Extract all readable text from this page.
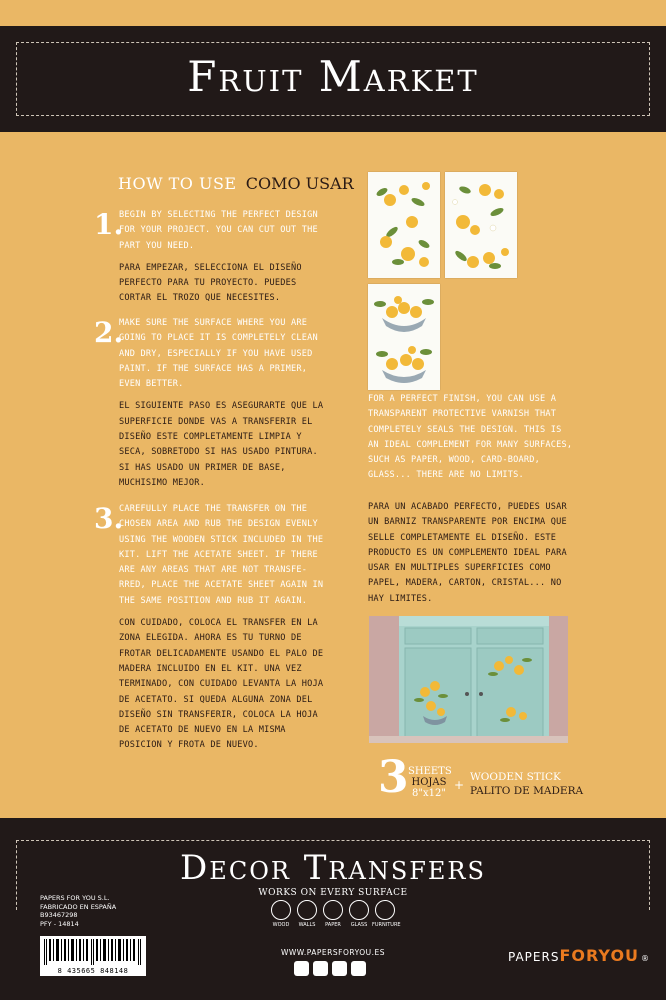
Fruit Market
HOW TO USE COMO USAR
1.
BEGIN BY SELECTING THE PERFECT DESIGN FOR YOUR PROJECT. YOU CAN CUT OUT THE PART YOU NEED.
PARA EMPEZAR, SELECCIONA EL DISEÑO PERFECTO PARA TU PROYECTO. PUEDES CORTAR EL TROZO QUE NECESITES.
2.
MAKE SURE THE SURFACE WHERE YOU ARE GOING TO PLACE IT IS COMPLETELY CLEAN AND DRY, ESPECIALLY IF YOU HAVE USED PAINT. IF THE SURFACE HAS A PRIMER, EVEN BETTER.
EL SIGUIENTE PASO ES ASEGURARTE QUE LA SUPERFICIE DONDE VAS A TRANSFERIR EL DISEÑO ESTE COMPLETAMENTE LIMPIA Y SECA, SOBRETODO SI HAS USADO PINTURA. SI HAS USADO UN PRIMER DE BASE, MUCHISIMO MEJOR.
3.
CAREFULLY PLACE THE TRANSFER ON THE CHOSEN AREA AND RUB THE DESIGN EVENLY USING THE WOODEN STICK INCLUDED IN THE KIT. LIFT THE ACETATE SHEET. IF THERE ARE ANY AREAS THAT ARE NOT TRANSFE-RRED, PLACE THE ACETATE SHEET AGAIN IN THE SAME POSITION AND RUB IT AGAIN.
CON CUIDADO, COLOCA EL TRANSFER EN LA ZONA ELEGIDA. AHORA ES TU TURNO DE FROTAR DELICADAMENTE USANDO EL PALO DE MADERA INCLUIDO EN EL KIT. UNA VEZ TERMINADO, CON CUIDADO LEVANTA LA HOJA DE ACETATO. SI QUEDA ALGUNA ZONA DEL DISEÑO SIN TRANSFERIR, COLOCA LA HOJA DE ACETATO DE NUEVO EN LA MISMA POSICION Y FROTA DE NUEVO.
FOR A PERFECT FINISH, YOU CAN USE A TRANSPARENT PROTECTIVE VARNISH THAT COMPLETELY SEALS THE DESIGN. THIS IS AN IDEAL COMPLEMENT FOR MANY SURFACES, SUCH AS PAPER, WOOD, CARD-BOARD, GLASS... THERE ARE NO LIMITS.
PARA UN ACABADO PERFECTO, PUEDES USAR UN BARNIZ TRANSPARENTE POR ENCIMA QUE SELLE COMPLETAMENTE EL DISEÑO. ESTE PRODUCTO ES UN COMPLEMENTO IDEAL PARA USAR EN MULTIPLES SUPERFICIES COMO PAPEL, MADERA, CARTON, CRISTAL... NO HAY LIMITES.
3 SHEETS
HOJAS
8"x12"
+
WOODEN STICK
PALITO DE MADERA
Decor Transfers
WORKS ON EVERY SURFACE
WOOD	WALLS	PAPER	GLASS FURNITURE
PAPERS FOR YOU S.L.
FABRICADO EN ESPAÑA
B93467298
PFY - 14814
8 435665 848148
WWW.PAPERSFORYOU.ES	PAPERSFORYOU ®
